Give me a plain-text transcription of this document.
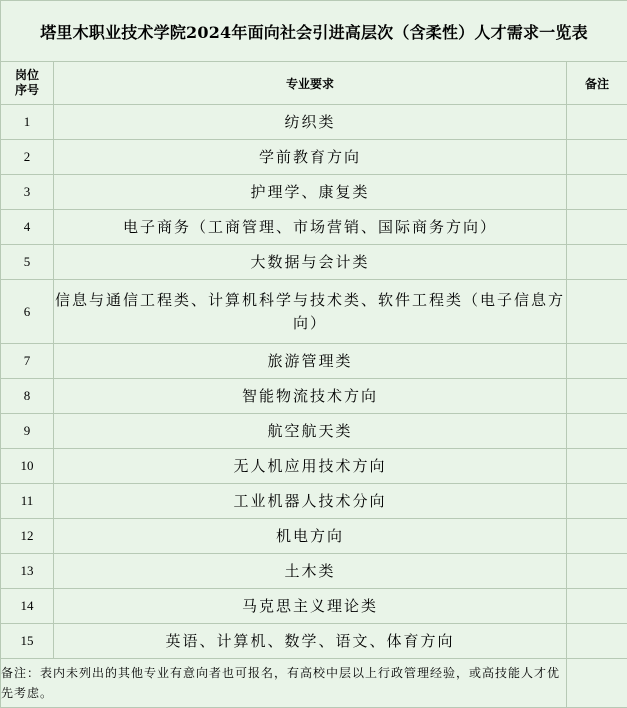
塔里木职业技术学院2024年面向社会引进高层次（含柔性）人才需求一览表		

岗位
序号	专业要求	备注
1	纺织类	
2	学前教育方向	
3	护理学、康复类	
4	电子商务（工商管理、市场营销、国际商务方向）	
5	大数据与会计类	
6	信息与通信工程类、计算机科学与技术类、软件工程类（电子信息方向）	
7	旅游管理类	
8	智能物流技术方向	
9	航空航天类	
10	无人机应用技术方向	
11	工业机器人技术分向	
12	机电方向	
13	土木类	
14	马克思主义理论类	
15	英语、计算机、数学、语文、体育方向	
备注：表内未列出的其他专业有意向者也可报名，有高校中层以上行政管理经验，或高技能人才优先考虑。		
